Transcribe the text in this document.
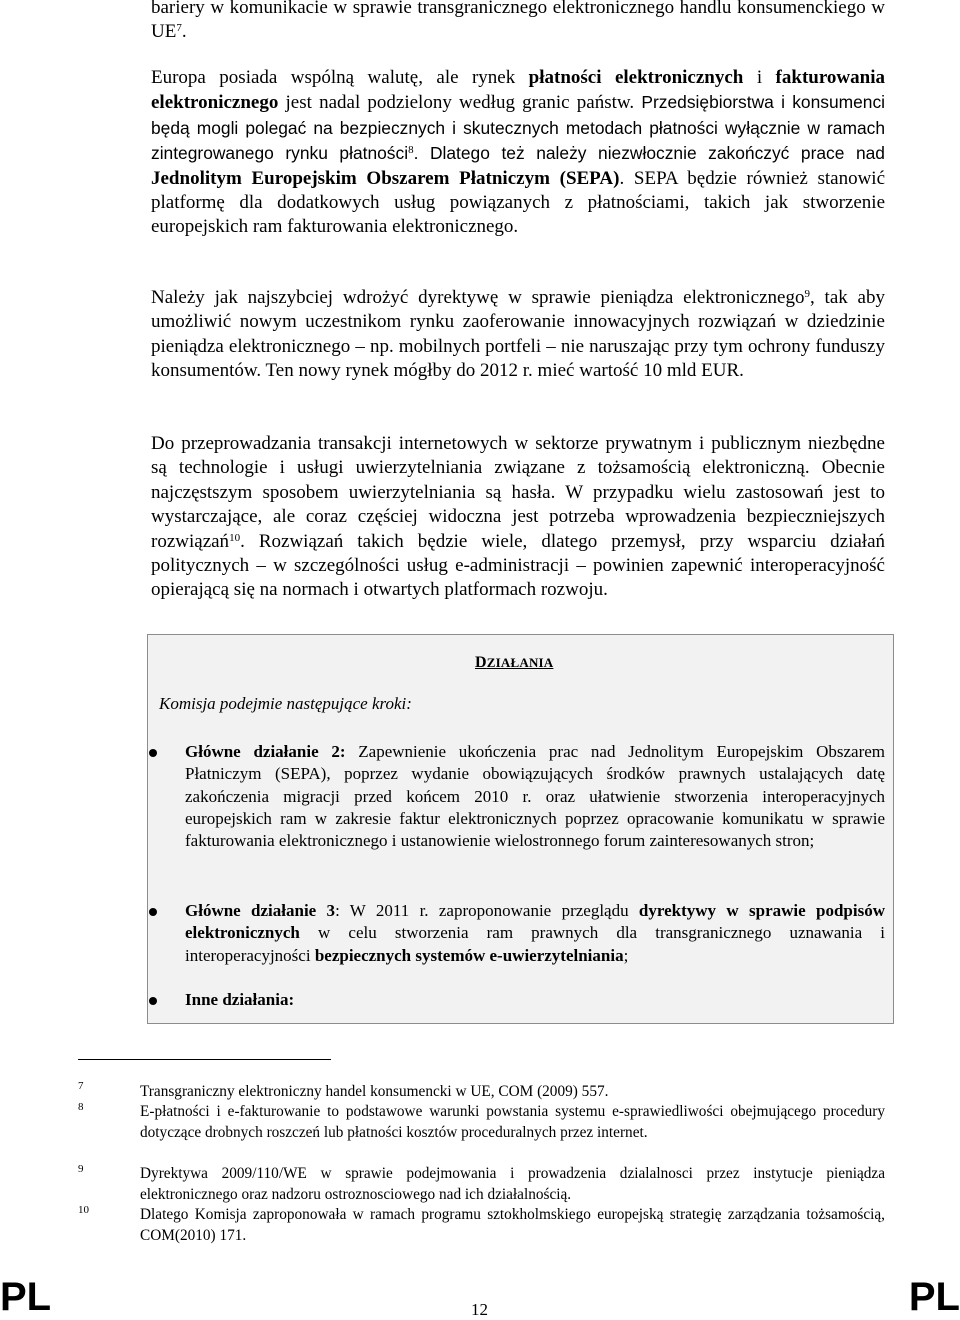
bariery w komunikacie w sprawie transgranicznego elektronicznego handlu konsumenckiego w $UE^7$.

Europa posiada wspólną walutę, ale rynek płatności elektronicznych i fakturowania elektronicznego jest nadal podzielony według granic państw. Przedsiębiorstwa i konsumenci będą mogli polegać na bezpiecznych i skutecznych metodach płatności wyłącznie w ramach zintegrowanego rynku płatności$^8$. Dlatego też należy niezwłocznie zakończyć prace nad Jednolitym Europejskim Obszarem Płatniczym (SEPA). SEPA będzie również stanowić platformę dla dodatkowych usług powiązanych z płatnościami, takich jak stworzenie europejskich ram fakturowania elektronicznego.

Należy jak najszybciej wdrożyć dyrektywę w sprawie pieniądza elektronicznego$^9$, tak aby umożliwić nowym uczestnikom rynku zaoferowanie innowacyjnych rozwiązań w dziedzinie pieniądza elektronicznego – np. mobilnych portfeli – nie naruszając przy tym ochrony funduszy konsumentów. Ten nowy rynek mógłby do 2012 r. mieć wartość 10 mld EUR.

Do przeprowadzania transakcji internetowych w sektorze prywatnym i publicznym niezbędne są technologie i usługi uwierzytelniania związane z tożsamością elektroniczną. Obecnie najczęstszym sposobem uwierzytelniania są hasła. W przypadku wielu zastosowań jest to wystarczające, ale coraz częściej widoczna jest potrzeba wprowadzenia bezpieczniejszych rozwiązań$^{10}$. Rozwiązań takich będzie wiele, dlatego przemysł, przy wsparciu działań politycznych – w szczególności usług e-administracji – powinien zapewnić interoperacyjność opierającą się na normach i otwartych platformach rozwoju.

DZIAŁANIA
Komisja podejmie następujące kroki:
Główne działanie 2: Zapewnienie ukończenia prac nad Jednolitym Europejskim Obszarem Płatniczym (SEPA), poprzez wydanie obowiązujących środków prawnych ustalających datę zakończenia migracji przed końcem 2010 r. oraz ułatwienie stworzenia interoperacyjnych europejskich ram w zakresie faktur elektronicznych poprzez opracowanie komunikatu w sprawie fakturowania elektronicznego i ustanowienie wielostronnego forum zainteresowanych stron;
Główne działanie 3: W 2011 r. zaproponowanie przeglądu dyrektywy w sprawie podpisów elektronicznych w celu stworzenia ram prawnych dla transgranicznego uznawania i interoperacyjności bezpiecznych systemów e-uwierzytelniania;
Inne działania:
7	Transgraniczny elektroniczny handel konsumencki w UE, COM (2009) 557.
8	E-płatności i e-fakturowanie to podstawowe warunki powstania systemu e-sprawiedliwości obejmującego procedury dotyczące drobnych roszczeń lub płatności kosztów proceduralnych przez internet.
9	Dyrektywa 2009/110/WE w sprawie podejmowania i prowadzenia dzialalnosci przez instytucje pieniądza elektronicznego oraz nadzoru ostroznosciowego nad ich działalnością.
10	Dlatego Komisja zaproponowała w ramach programu sztokholmskiego europejską strategię zarządzania tożsamością, COM(2010) 171.
PL	12	PL
